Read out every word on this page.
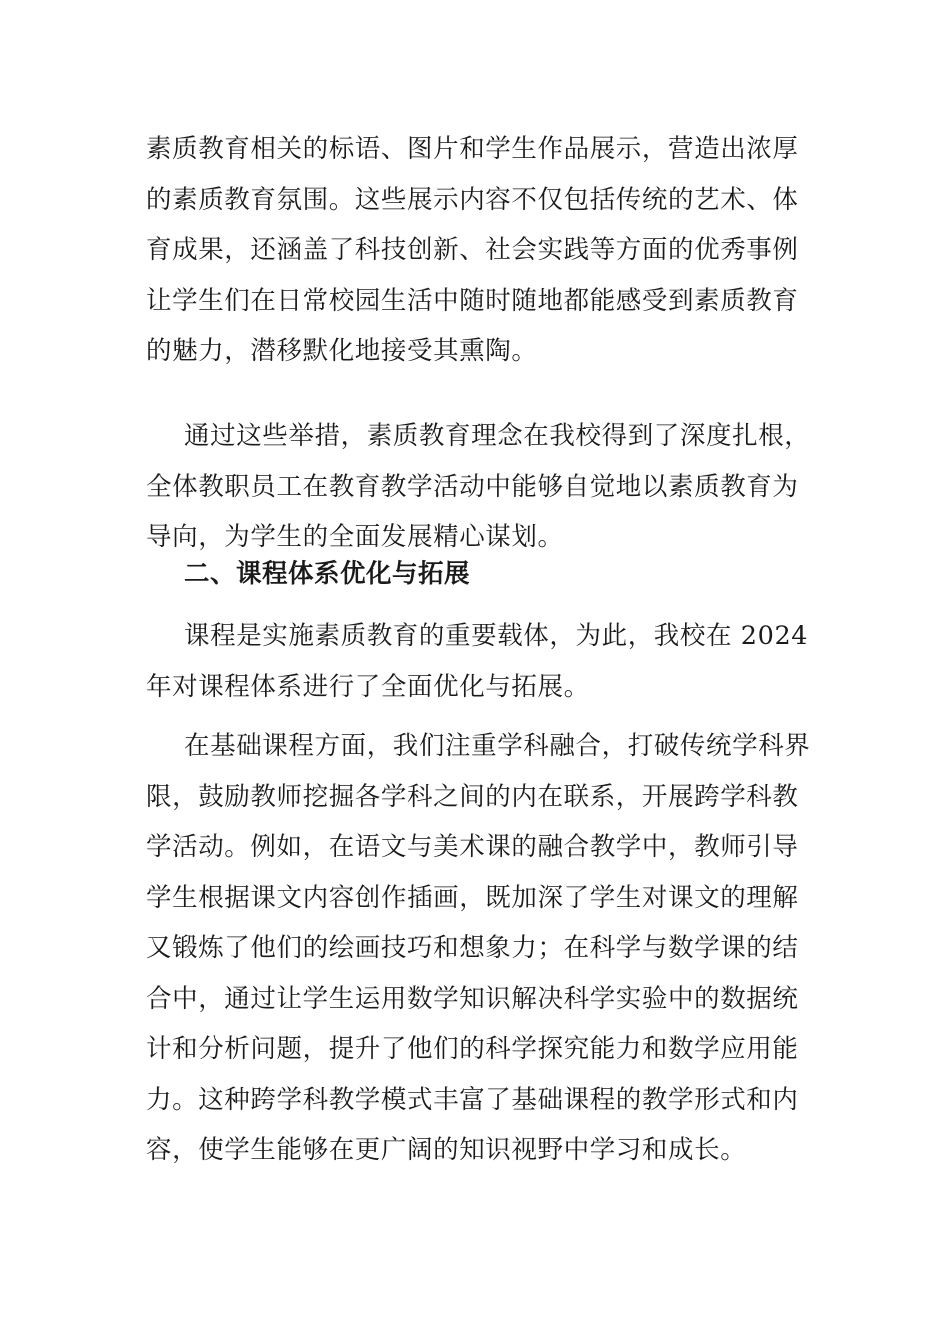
素质教育相关的标语、图片和学生作品展示，营造出浓厚
的素质教育氛围。这些展示内容不仅包括传统的艺术、体
育成果，还涵盖了科技创新、社会实践等方面的优秀事例
让学生们在日常校园生活中随时随地都能感受到素质教育
的魅力，潜移默化地接受其熏陶。
通过这些举措，素质教育理念在我校得到了深度扎根，
全体教职员工在教育教学活动中能够自觉地以素质教育为
导向，为学生的全面发展精心谋划。
二、课程体系优化与拓展
课程是实施素质教育的重要载体，为此，我校在 2024
年对课程体系进行了全面优化与拓展。
在基础课程方面，我们注重学科融合，打破传统学科界
限，鼓励教师挖掘各学科之间的内在联系，开展跨学科教
学活动。例如，在语文与美术课的融合教学中，教师引导
学生根据课文内容创作插画，既加深了学生对课文的理解
又锻炼了他们的绘画技巧和想象力；在科学与数学课的结
合中，通过让学生运用数学知识解决科学实验中的数据统
计和分析问题，提升了他们的科学探究能力和数学应用能
力。这种跨学科教学模式丰富了基础课程的教学形式和内
容，使学生能够在更广阔的知识视野中学习和成长。
